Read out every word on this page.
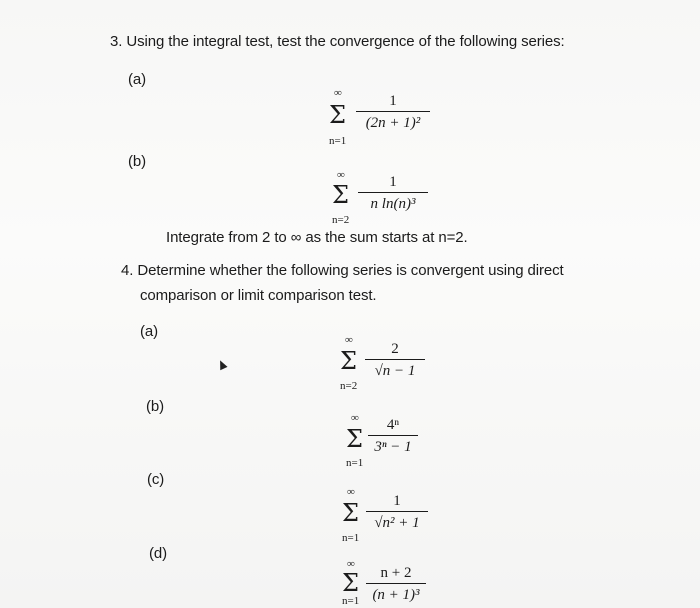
3. Using the integral test, test the convergence of the following series:
(a)
∞
Σ
n=1
1
(2n + 1)²
(b)
∞
Σ
n=2
1
n ln(n)³
Integrate from 2 to ∞ as the sum starts at n=2.
4. Determine whether the following series is convergent using direct
comparison or limit comparison test.
(a)	∞
Σ
n=2
2
√n − 1
(b)
∞
Σ
n=1
4ⁿ
3ⁿ − 1
(c)
∞
Σ
n=1
1
√n² + 1
(d)
∞
Σ
n=1
n + 2
(n + 1)³
